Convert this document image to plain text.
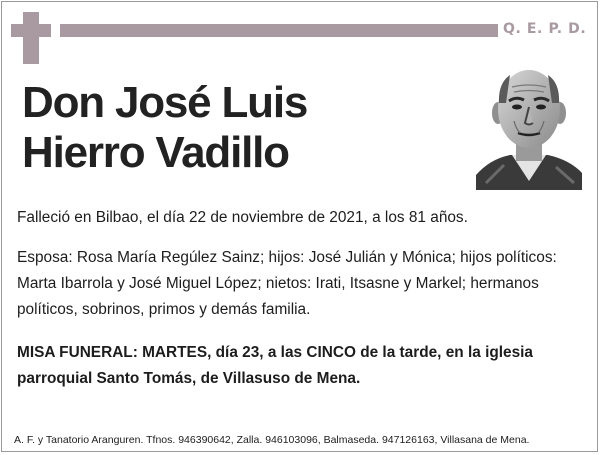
Q. E. P. D.
Don José Luis
Hierro Vadillo
Falleció en Bilbao, el día 22 de noviembre de 2021, a los 81 años.
Esposa: Rosa María Regúlez Sainz; hijos: José Julián y Mónica; hijos políticos: Marta Ibarrola y José Miguel López; nietos: Irati, Itsasne y Markel; hermanos políticos, sobrinos, primos y demás familia.
MISA FUNERAL: MARTES, día 23, a las CINCO de la tarde, en la iglesia parroquial Santo Tomás, de Villasuso de Mena.
A. F. y Tanatorio Aranguren. Tfnos. 946390642, Zalla. 946103096, Balmaseda. 947126163, Villasana de Mena.
